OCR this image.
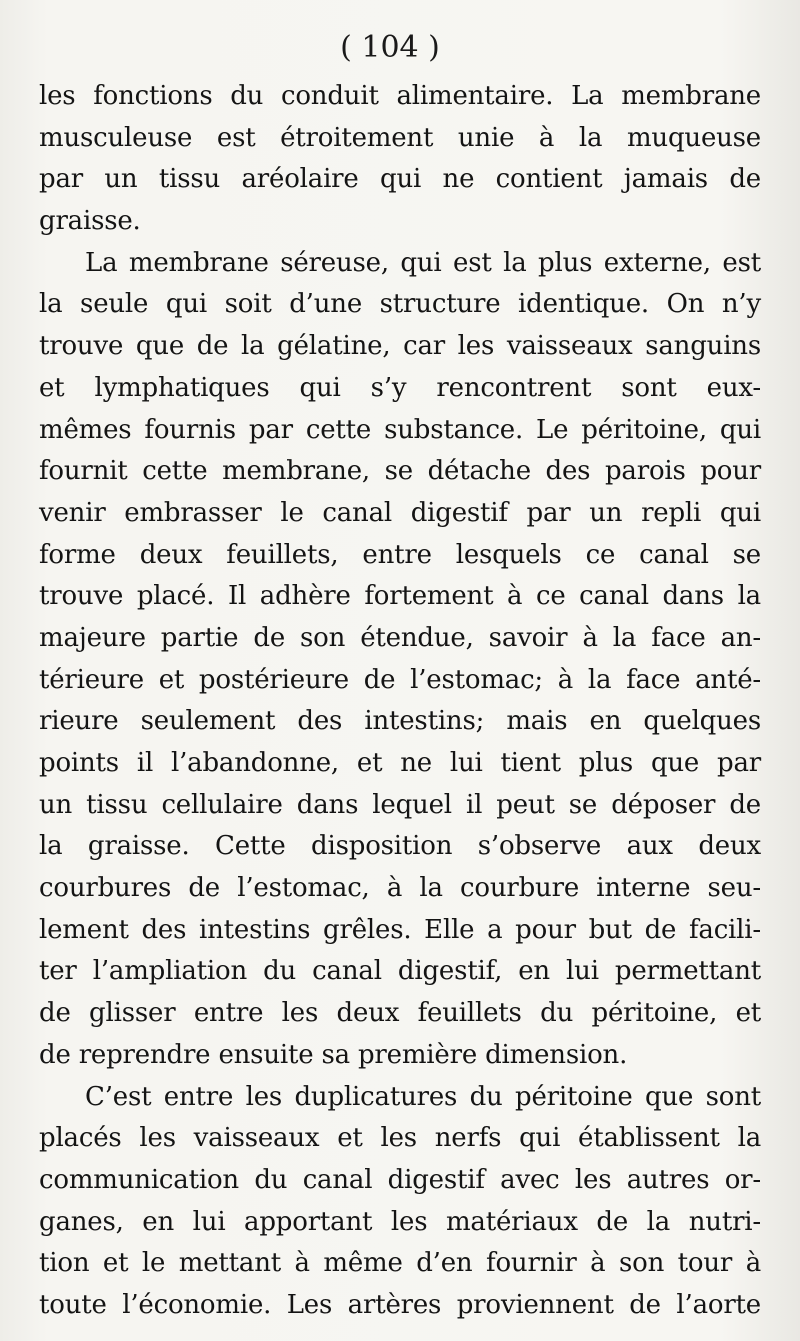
( 104 )
les fonctions du conduit alimentaire. La membrane
musculeuse est étroitement unie à la muqueuse
par un tissu aréolaire qui ne contient jamais de
graisse.
La membrane séreuse, qui est la plus externe, est
la seule qui soit d’une structure identique. On n’y
trouve que de la gélatine, car les vaisseaux sanguins
et lymphatiques qui s’y rencontrent sont eux-
mêmes fournis par cette substance. Le péritoine, qui
fournit cette membrane, se détache des parois pour
venir embrasser le canal digestif par un repli qui
forme deux feuillets, entre lesquels ce canal se
trouve placé. Il adhère fortement à ce canal dans la
majeure partie de son étendue, savoir à la face an-
térieure et postérieure de l’estomac; à la face anté-
rieure seulement des intestins; mais en quelques
points il l’abandonne, et ne lui tient plus que par
un tissu cellulaire dans lequel il peut se déposer de
la graisse. Cette disposition s’observe aux deux
courbures de l’estomac, à la courbure interne seu-
lement des intestins grêles. Elle a pour but de facili-
ter l’ampliation du canal digestif, en lui permettant
de glisser entre les deux feuillets du péritoine, et
de reprendre ensuite sa première dimension.
C’est entre les duplicatures du péritoine que sont
placés les vaisseaux et les nerfs qui établissent la
communication du canal digestif avec les autres or-
ganes, en lui apportant les matériaux de la nutri-
tion et le mettant à même d’en fournir à son tour à
toute l’économie. Les artères proviennent de l’aorte
